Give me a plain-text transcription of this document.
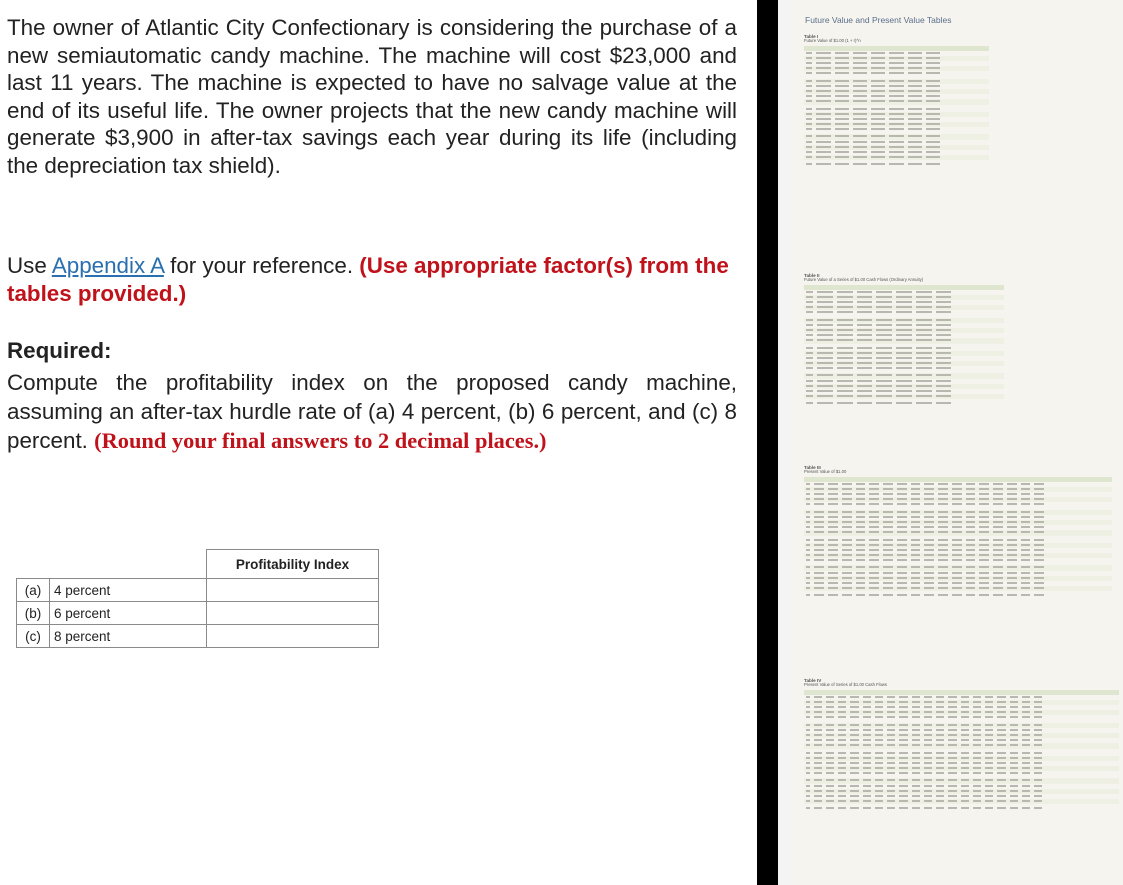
The owner of Atlantic City Confectionary is considering the purchase of a new semiautomatic candy machine. The machine will cost $23,000 and last 11 years. The machine is expected to have no salvage value at the end of its useful life. The owner projects that the new candy machine will generate $3,900 in after-tax savings each year during its life (including the depreciation tax shield).
Use Appendix A for your reference. (Use appropriate factor(s) from the tables provided.)
Required:
Compute the profitability index on the proposed candy machine, assuming an after-tax hurdle rate of (a) 4 percent, (b) 6 percent, and (c) 8 percent. (Round your final answers to 2 decimal places.)
		Profitability Index
(a)	4 percent	
(b)	6 percent	
(c)	8 percent	
Future Value and Present Value Tables
Table I
Future Value of $1.00 (1 + r)^n
Table II
Future Value of a Series of $1.00 Cash Flows (Ordinary Annuity)
Table III
Present Value of $1.00
Table IV
Present Value of Series of $1.00 Cash Flows
